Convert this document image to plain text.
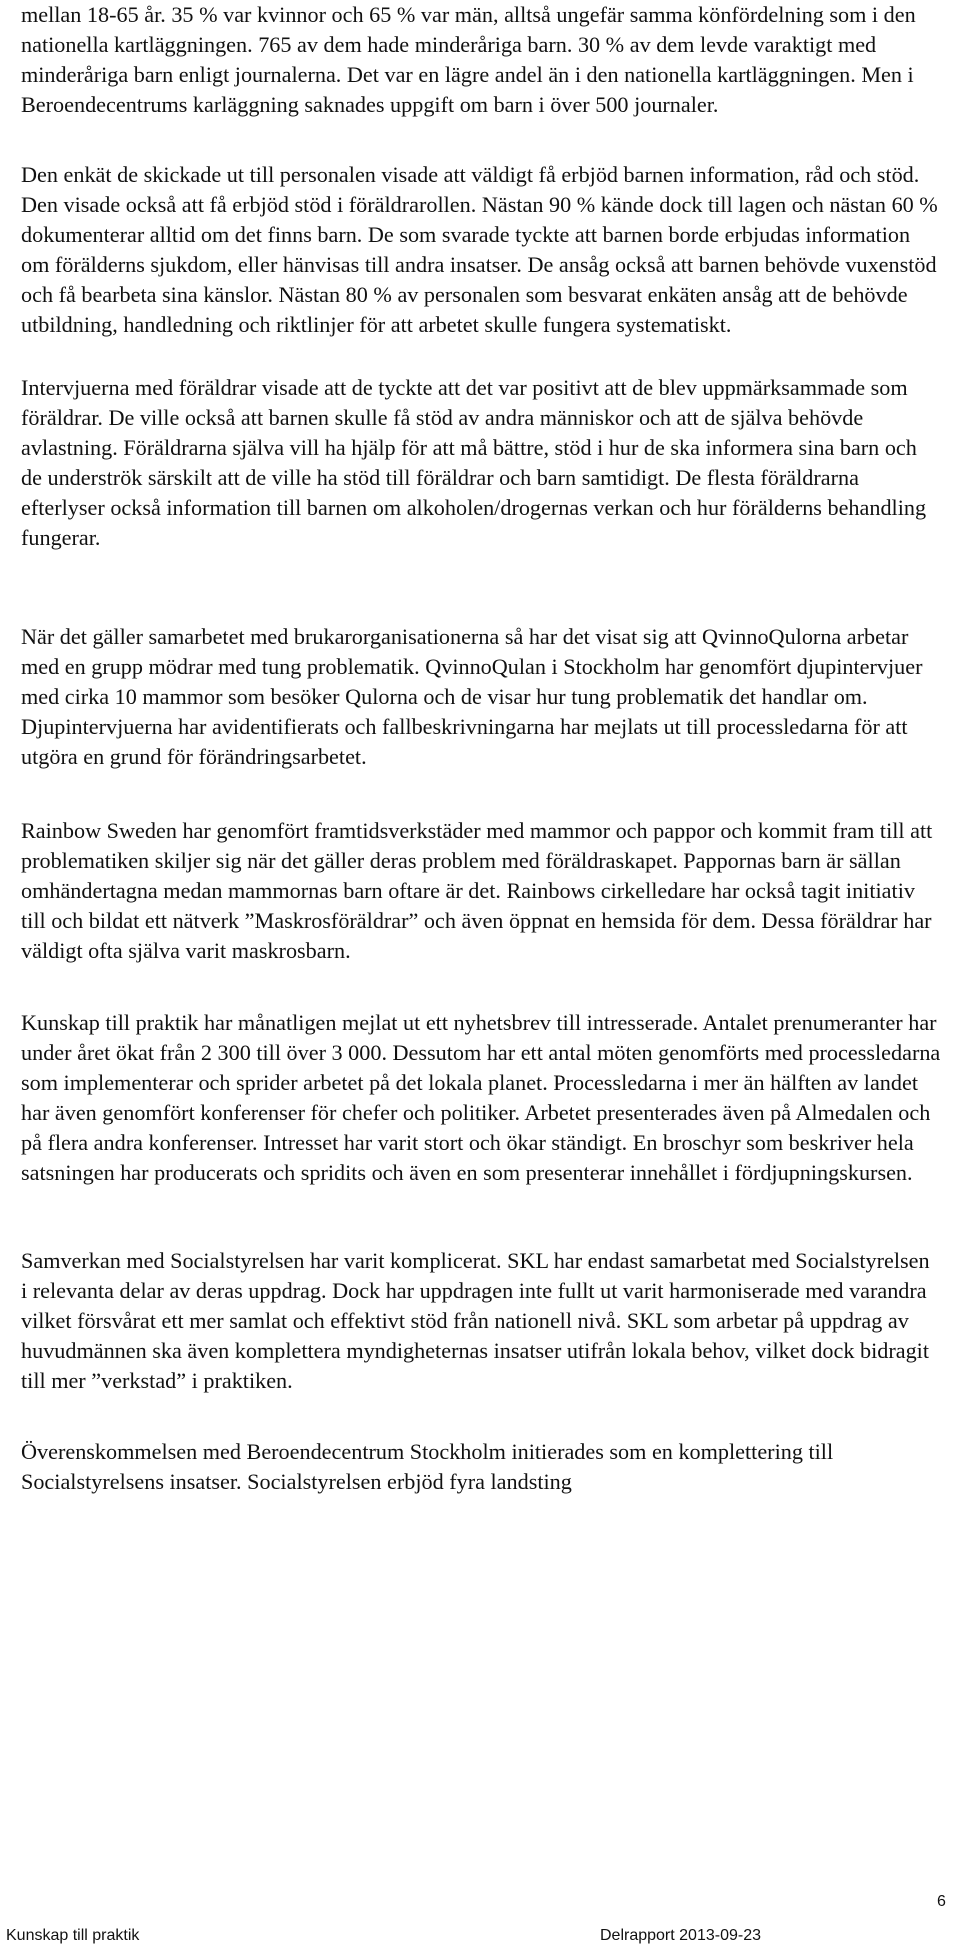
mellan 18-65 år. 35 % var kvinnor och 65 % var män, alltså ungefär samma könfördelning som i den nationella kartläggningen. 765 av dem hade minderåriga barn. 30 % av dem levde varaktigt med minderåriga barn enligt journalerna. Det var en lägre andel än i den nationella kartläggningen. Men i Beroendecentrums karläggning saknades uppgift om barn i över 500 journaler.

Den enkät de skickade ut till personalen visade att väldigt få erbjöd barnen information, råd och stöd. Den visade också att få erbjöd stöd i föräldrarollen. Nästan 90 % kände dock till lagen och nästan 60 % dokumenterar alltid om det finns barn. De som svarade tyckte att barnen borde erbjudas information om förälderns sjukdom, eller hänvisas till andra insatser. De ansåg också att barnen behövde vuxenstöd och få bearbeta sina känslor. Nästan 80 % av personalen som besvarat enkäten ansåg att de behövde utbildning, handledning och riktlinjer för att arbetet skulle fungera systematiskt.

Intervjuerna med föräldrar visade att de tyckte att det var positivt att de blev uppmärksammade som föräldrar. De ville också att barnen skulle få stöd av andra människor och att de själva behövde avlastning. Föräldrarna själva vill ha hjälp för att må bättre, stöd i hur de ska informera sina barn och de underströk särskilt att de ville ha stöd till föräldrar och barn samtidigt. De flesta föräldrarna efterlyser också information till barnen om alkoholen/drogernas verkan och hur förälderns behandling fungerar.

När det gäller samarbetet med brukarorganisationerna så har det visat sig att QvinnoQulorna arbetar med en grupp mödrar med tung problematik. QvinnoQulan i Stockholm har genomfört djupintervjuer med cirka 10 mammor som besöker Qulorna och de visar hur tung problematik det handlar om. Djupintervjuerna har avidentifierats och fallbeskrivningarna har mejlats ut till processledarna för att utgöra en grund för förändringsarbetet.

Rainbow Sweden har genomfört framtidsverkstäder med mammor och pappor och kommit fram till att problematiken skiljer sig när det gäller deras problem med föräldraskapet. Pappornas barn är sällan omhändertagna medan mammornas barn oftare är det. Rainbows cirkelledare har också tagit initiativ till och bildat ett nätverk ”Maskrosföräldrar” och även öppnat en hemsida för dem. Dessa föräldrar har väldigt ofta själva varit maskrosbarn.

Kunskap till praktik har månatligen mejlat ut ett nyhetsbrev till intresserade. Antalet prenumeranter har under året ökat från 2 300 till över 3 000. Dessutom har ett antal möten genomförts med processledarna som implementerar och sprider arbetet på det lokala planet. Processledarna i mer än hälften av landet har även genomfört konferenser för chefer och politiker. Arbetet presenterades även på Almedalen och på flera andra konferenser. Intresset har varit stort och ökar ständigt. En broschyr som beskriver hela satsningen har producerats och spridits och även en som presenterar innehållet i fördjupningskursen.

Samverkan med Socialstyrelsen har varit komplicerat. SKL har endast samarbetat med Socialstyrelsen i relevanta delar av deras uppdrag. Dock har uppdragen inte fullt ut varit harmoniserade med varandra vilket försvårat ett mer samlat och effektivt stöd från nationell nivå. SKL som arbetar på uppdrag av huvudmännen ska även komplettera myndigheternas insatser utifrån lokala behov, vilket dock bidragit till mer ”verkstad” i praktiken.

Överenskommelsen med Beroendecentrum Stockholm initierades som en komplettering till Socialstyrelsens insatser. Socialstyrelsen erbjöd fyra landsting

6
Kunskap till praktik	Delrapport 2013-09-23
